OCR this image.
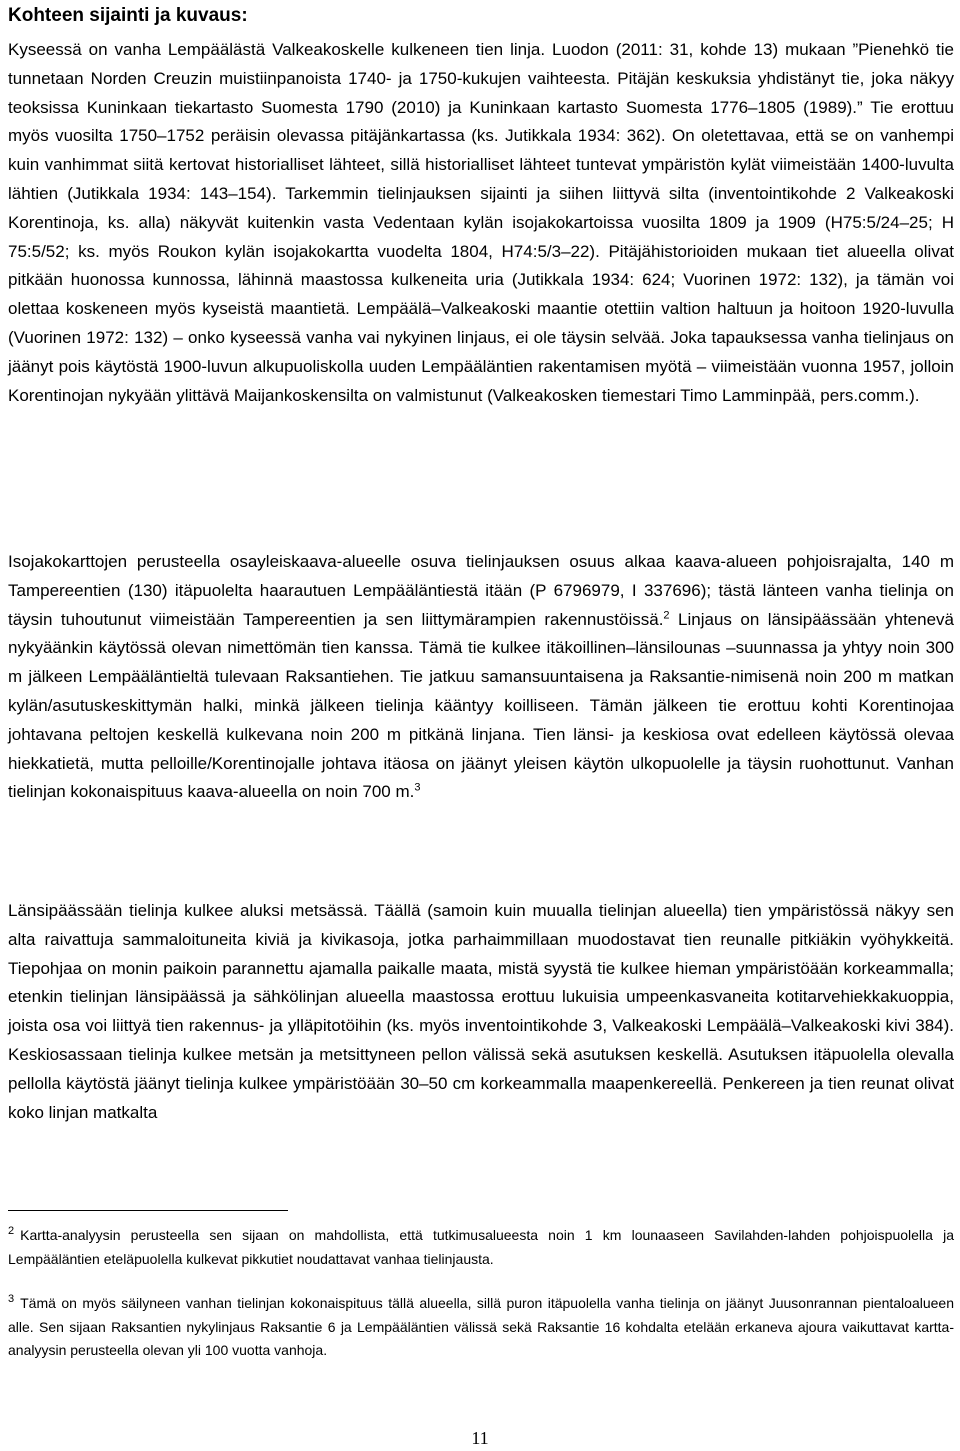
Kohteen sijainti ja kuvaus:

Kyseessä on vanha Lempäälästä Valkeakoskelle kulkeneen tien linja. Luodon (2011: 31, kohde 13) mukaan ”Pienehkö tie tunnetaan Norden Creuzin muistiinpanoista 1740- ja 1750-kukujen vaihteesta. Pitäjän keskuksia yhdistänyt tie, joka näkyy teoksissa Kuninkaan tiekartasto Suomesta 1790 (2010) ja Kuninkaan kartasto Suomesta 1776–1805 (1989).” Tie erottuu myös vuosilta 1750–1752 peräisin olevassa pitäjänkartassa (ks. Jutikkala 1934: 362). On oletettavaa, että se on vanhempi kuin vanhimmat siitä kertovat historialliset lähteet, sillä historialliset lähteet tuntevat ympäristön kylät viimeistään 1400-luvulta lähtien (Jutikkala 1934: 143–154). Tarkemmin tielinjauksen sijainti ja siihen liittyvä silta (inventointikohde 2 Valkeakoski Korentinoja, ks. alla) näkyvät kuitenkin vasta Vedentaan kylän isojakokartoissa vuosilta 1809 ja 1909 (H75:5/24–25; H 75:5/52; ks. myös Roukon kylän isojakokartta vuodelta 1804, H74:5/3–22). Pitäjähistorioiden mukaan tiet alueella olivat pitkään huonossa kunnossa, lähinnä maastossa kulkeneita uria (Jutikkala 1934: 624; Vuorinen 1972: 132), ja tämän voi olettaa koskeneen myös kyseistä maantietä. Lempäälä–Valkeakoski maantie otettiin valtion haltuun ja hoitoon 1920-luvulla (Vuorinen 1972: 132) – onko kyseessä vanha vai nykyinen linjaus, ei ole täysin selvää. Joka tapauksessa vanha tielinjaus on jäänyt pois käytöstä 1900-luvun alkupuoliskolla uuden Lempääläntien rakentamisen myötä – viimeistään vuonna 1957, jolloin Korentinojan nykyään ylittävä Maijankoskensilta on valmistunut (Valkeakosken tiemestari Timo Lamminpää, pers.comm.).

Isojakokarttojen perusteella osayleiskaava-alueelle osuva tielinjauksen osuus alkaa kaava-alueen pohjoisrajalta, 140 m Tampereentien (130) itäpuolelta haarautuen Lempääläntiestä itään (P 6796979, I 337696); tästä länteen vanha tielinja on täysin tuhoutunut viimeistään Tampereentien ja sen liittymärampien rakennustöissä.$^2$ Linjaus on länsipäässään yhtenevä nykyäänkin käytössä olevan nimettömän tien kanssa. Tämä tie kulkee itäkoillinen–länsilounas –suunnassa ja yhtyy noin 300 m jälkeen Lempääläntieltä tulevaan Raksantiehen. Tie jatkuu samansuuntaisena ja Raksantie-nimisenä noin 200 m matkan kylän/asutuskeskittymän halki, minkä jälkeen tielinja kääntyy koilliseen. Tämän jälkeen tie erottuu kohti Korentinojaa johtavana peltojen keskellä kulkevana noin 200 m pitkänä linjana. Tien länsi- ja keskiosa ovat edelleen käytössä olevaa hiekkatietä, mutta pelloille/Korentinojalle johtava itäosa on jäänyt yleisen käytön ulkopuolelle ja täysin ruohottunut. Vanhan tielinjan kokonaispituus kaava-alueella on noin 700 m.$^3$

Länsipäässään tielinja kulkee aluksi metsässä. Täällä (samoin kuin muualla tielinjan alueella) tien ympäristössä näkyy sen alta raivattuja sammaloituneita kiviä ja kivikasoja, jotka parhaimmillaan muodostavat tien reunalle pitkiäkin vyöhykkeitä. Tiepohjaa on monin paikoin parannettu ajamalla paikalle maata, mistä syystä tie kulkee hieman ympäristöään korkeammalla; etenkin tielinjan länsipäässä ja sähkölinjan alueella maastossa erottuu lukuisia umpeenkasvaneita kotitarvehiekkakuoppia, joista osa voi liittyä tien rakennus- ja ylläpitotöihin (ks. myös inventointikohde 3, Valkeakoski Lempäälä–Valkeakoski kivi 384). Keskiosassaan tielinja kulkee metsän ja metsittyneen pellon välissä sekä asutuksen keskellä. Asutuksen itäpuolella olevalla pellolla käytöstä jäänyt tielinja kulkee ympäristöään 30–50 cm korkeammalla maapenkereellä. Penkereen ja tien reunat olivat koko linjan matkalta

$^2$ Kartta-analyysin perusteella sen sijaan on mahdollista, että tutkimusalueesta noin 1 km lounaaseen Savilahden-lahden pohjoispuolella ja Lempääläntien eteläpuolella kulkevat pikkutiet noudattavat vanhaa tielinjausta.

$^3$ Tämä on myös säilyneen vanhan tielinjan kokonaispituus tällä alueella, sillä puron itäpuolella vanha tielinja on jäänyt Juusonrannan pientaloalueen alle. Sen sijaan Raksantien nykylinjaus Raksantie 6 ja Lempääläntien välissä sekä Raksantie 16 kohdalta etelään erkaneva ajoura vaikuttavat kartta-analyysin perusteella olevan yli 100 vuotta vanhoja.

11
